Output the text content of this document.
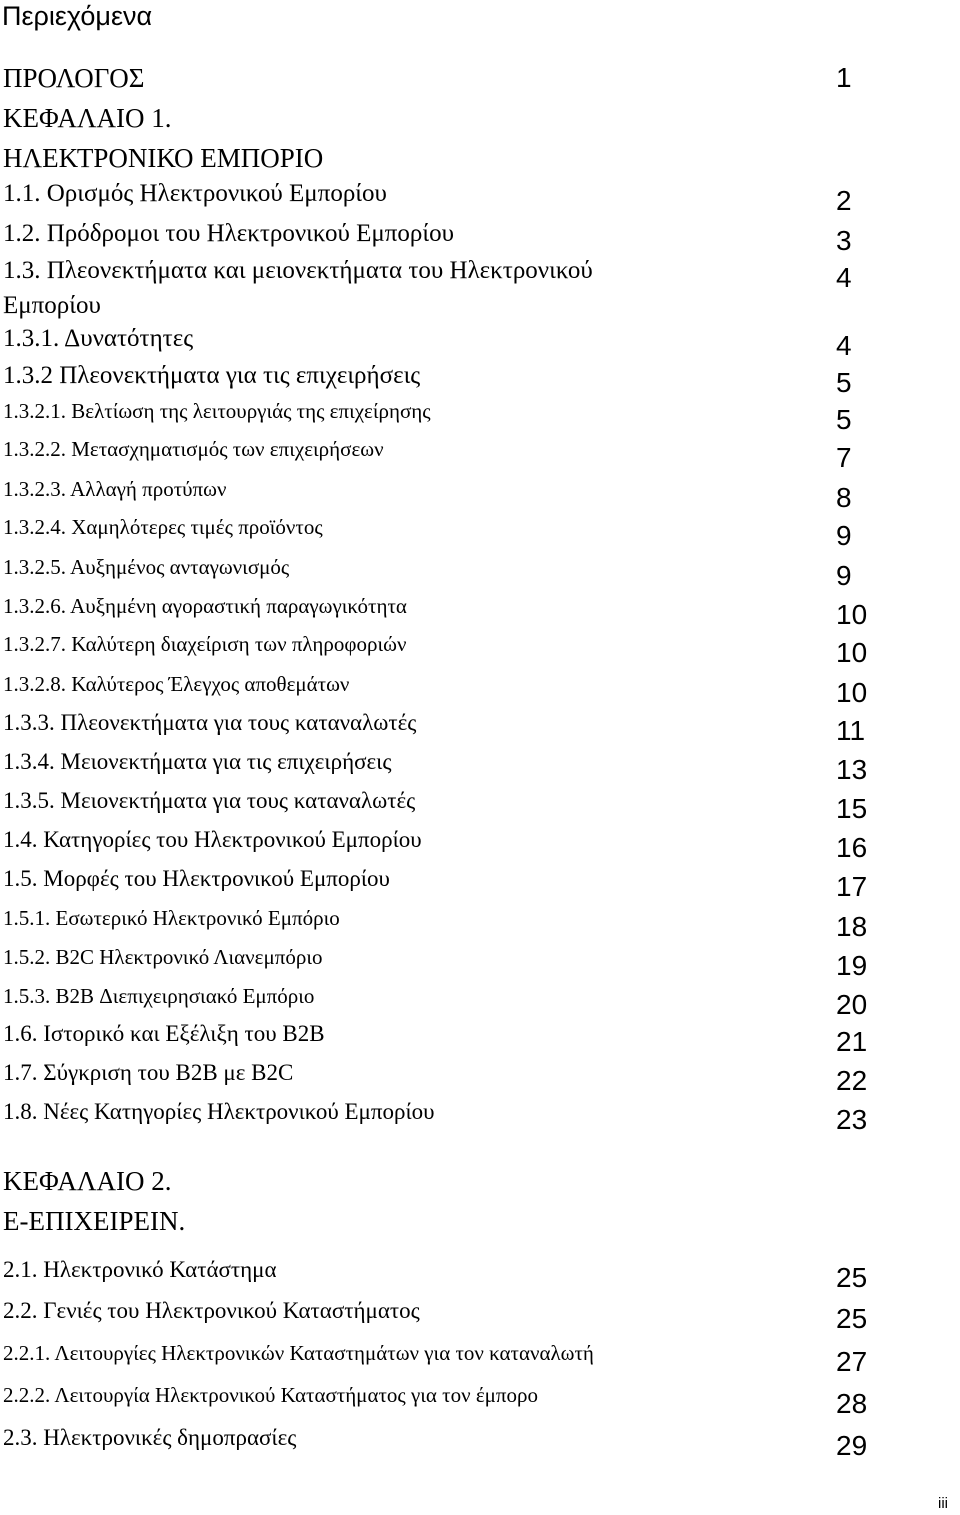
Περιεχόμενα
ΠΡΟΛΟΓΟΣ	1
ΚΕΦΑΛΑΙΟ 1.
ΗΛΕΚΤΡΟΝΙΚΟ ΕΜΠΟΡΙΟ
1.1. Ορισμός Ηλεκτρονικού Εμπορίου	2
1.2. Πρόδρομοι του Ηλεκτρονικού Εμπορίου	3
1.3. Πλεονεκτήματα και μειονεκτήματα του Ηλεκτρονικού	4
Εμπορίου
1.3.1. Δυνατότητες	4
1.3.2 Πλεονεκτήματα για τις επιχειρήσεις	5
1.3.2.1. Βελτίωση της λειτουργιάς της επιχείρησης	5
1.3.2.2. Μετασχηματισμός των επιχειρήσεων	7
1.3.2.3. Αλλαγή προτύπων	8
1.3.2.4. Χαμηλότερες τιμές προϊόντος	9
1.3.2.5. Αυξημένος ανταγωνισμός	9
1.3.2.6. Αυξημένη αγοραστική παραγωγικότητα	10
1.3.2.7. Καλύτερη διαχείριση των πληροφοριών	10
1.3.2.8. Καλύτερος Έλεγχος αποθεμάτων	10
1.3.3. Πλεονεκτήματα για τους καταναλωτές	11
1.3.4. Μειονεκτήματα για τις επιχειρήσεις	13
1.3.5. Μειονεκτήματα για τους καταναλωτές	15
1.4. Κατηγορίες του Ηλεκτρονικού Εμπορίου	16
1.5. Μορφές του Ηλεκτρονικού Εμπορίου	17
1.5.1. Εσωτερικό Ηλεκτρονικό Εμπόριο	18
1.5.2. B2C Ηλεκτρονικό Λιανεμπόριο	19
1.5.3. B2B Διεπιχειρησιακό Εμπόριο	20
1.6. Ιστορικό και Εξέλιξη του B2B	21
1.7. Σύγκριση του B2B με B2C	22
1.8. Νέες Κατηγορίες Ηλεκτρονικού Εμπορίου	23
ΚΕΦΑΛΑΙΟ 2.
Ε-ΕΠΙΧΕΙΡΕΙΝ.
2.1. Ηλεκτρονικό Κατάστημα	25
2.2. Γενιές του Ηλεκτρονικού Καταστήματος	25
2.2.1. Λειτουργίες Ηλεκτρονικών Καταστημάτων για τον καταναλωτή	27
2.2.2. Λειτουργία Ηλεκτρονικού Καταστήματος για τον έμπορο	28
2.3. Ηλεκτρονικές δημοπρασίες	29
iii
